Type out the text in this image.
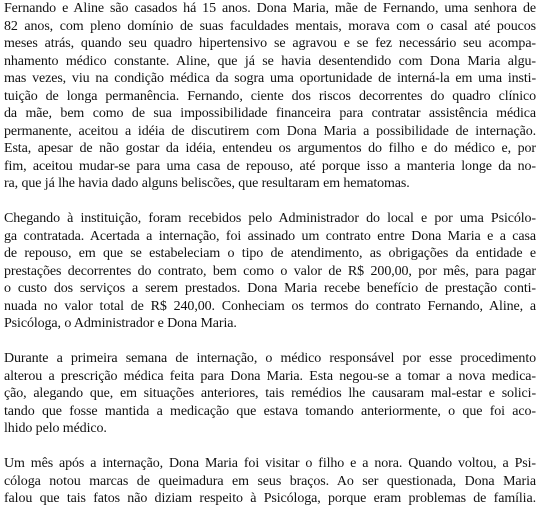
Fernando e Aline são casados há 15 anos. Dona Maria, mãe de Fernando, uma senhora de
82 anos, com pleno domínio de suas faculdades mentais, morava com o casal até poucos
meses atrás, quando seu quadro hipertensivo se agravou e se fez necessário seu acompa-
nhamento médico constante. Aline, que já se havia desentendido com Dona Maria algu-
mas vezes, viu na condição médica da sogra uma oportunidade de interná-la em uma insti-
tuição de longa permanência. Fernando, ciente dos riscos decorrentes do quadro clínico
da mãe, bem como de sua impossibilidade financeira para contratar assistência médica
permanente, aceitou a idéia de discutirem com Dona Maria a possibilidade de internação.
Esta, apesar de não gostar da idéia, entendeu os argumentos do filho e do médico e, por
fim, aceitou mudar-se para uma casa de repouso, até porque isso a manteria longe da no-
ra, que já lhe havia dado alguns beliscões, que resultaram em hematomas.
Chegando à instituição, foram recebidos pelo Administrador do local e por uma Psicólo-
ga contratada. Acertada a internação, foi assinado um contrato entre Dona Maria e a casa
de repouso, em que se estabeleciam o tipo de atendimento, as obrigações da entidade e
prestações decorrentes do contrato, bem como o valor de R$ 200,00, por mês, para pagar
o custo dos serviços a serem prestados. Dona Maria recebe benefício de prestação conti-
nuada no valor total de R$ 240,00. Conheciam os termos do contrato Fernando, Aline, a
Psicóloga, o Administrador e Dona Maria.
Durante a primeira semana de internação, o médico responsável por esse procedimento
alterou a prescrição médica feita para Dona Maria. Esta negou-se a tomar a nova medica-
ção, alegando que, em situações anteriores, tais remédios lhe causaram mal-estar e solici-
tando que fosse mantida a medicação que estava tomando anteriormente, o que foi aco-
lhido pelo médico.
Um mês após a internação, Dona Maria foi visitar o filho e a nora. Quando voltou, a Psi-
cóloga notou marcas de queimadura em seus braços. Ao ser questionada, Dona Maria
falou que tais fatos não diziam respeito à Psicóloga, porque eram problemas de família.
